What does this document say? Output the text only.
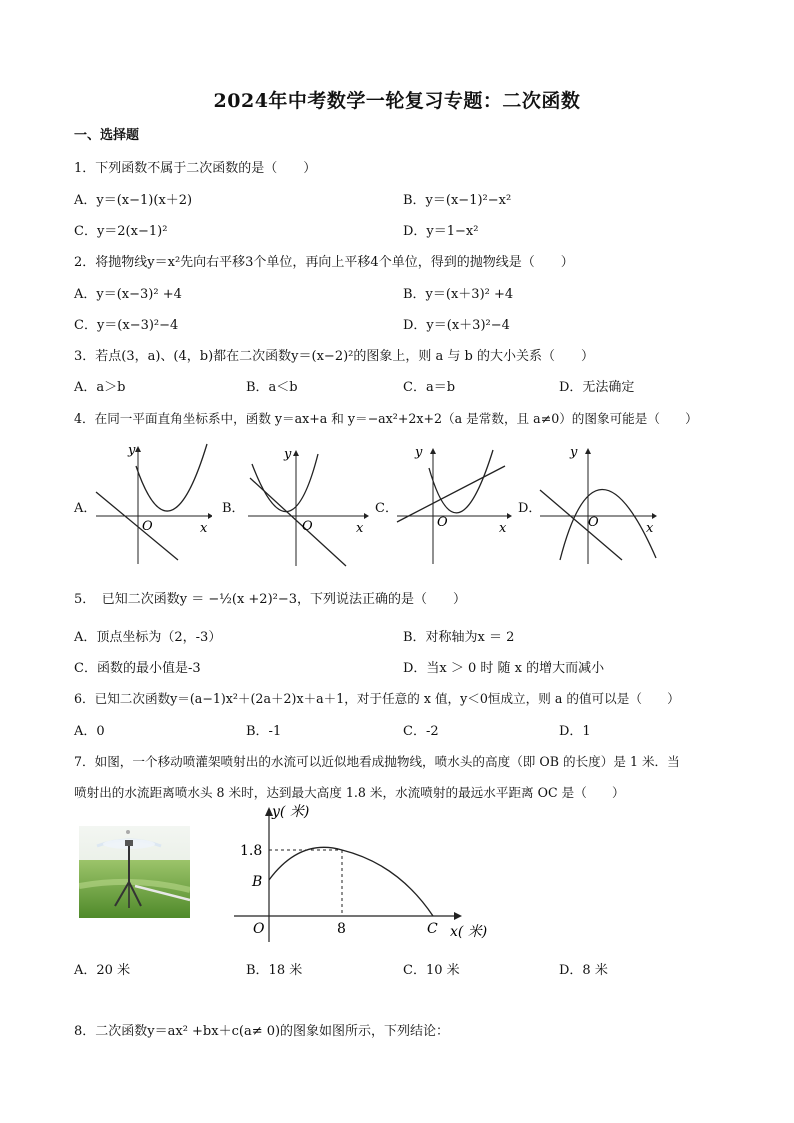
2024年中考数学一轮复习专题：二次函数
一、选择题
1．下列函数不属于二次函数的是（　　）
A．y＝(x−1)(x＋2)	B．y＝(x−1)²−x²
C．y＝2(x−1)²	D．y＝1−x²
2．将抛物线y＝x²先向右平移3个单位，再向上平移4个单位，得到的抛物线是（　　）
A．y＝(x−3)² +4	B．y＝(x＋3)² +4
C．y＝(x−3)²−4	D．y＝(x＋3)²−4
3．若点(3，a)、(4，b)都在二次函数y＝(x−2)²的图象上，则 a 与 b 的大小关系（　　）
A．a＞b	B．a＜b	C．a＝b	D．无法确定
4．在同一平面直角坐标系中，函数 y＝ax+a 和 y＝−ax²+2x+2（a 是常数，且 a≠0）的图象可能是（　　）
A．
y
x
O
B．
y
x
O
C．
y
x
O
D．
y
x
O
5．　已知二次函数y ＝ −½(x +2)²−3，下列说法正确的是（　　）
A．顶点坐标为（2，-3）	B．对称轴为x ＝ 2
C．函数的最小值是-3	D．当x ＞ 0 时 随 x 的增大而减小
6．已知二次函数y＝(a−1)x²＋(2a＋2)x＋a＋1，对于任意的 x 值，y＜0恒成立，则 a 的值可以是（　　）
A．0	B．-1	C．-2	D．1
7．如图，一个移动喷灌架喷射出的水流可以近似地看成抛物线，喷水头的高度（即 OB 的长度）是 1 米．当
喷射出的水流距离喷水头 8 米时，达到最大高度 1.8 米，水流喷射的最远水平距离 OC 是（　　）
y( 米)
x( 米)
1.8
8
B
C
O
A．20 米	B．18 米	C．10 米	D．8 米
8．二次函数y＝ax² +bx＋c(a≠ 0)的图象如图所示，下列结论：
